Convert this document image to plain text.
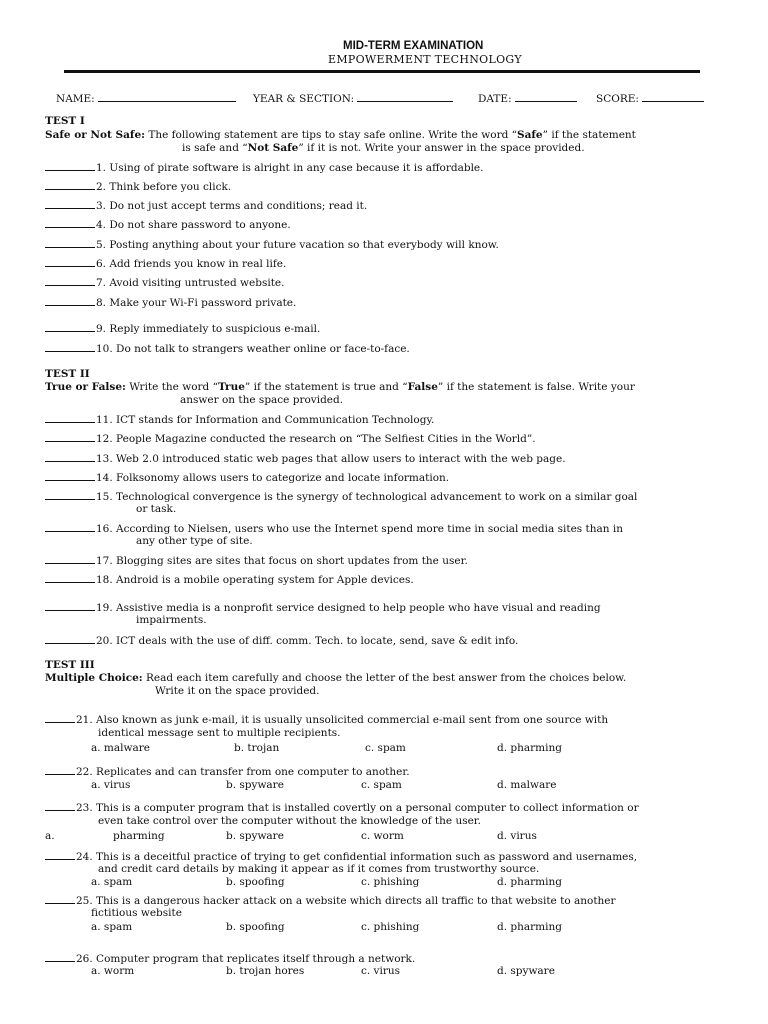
MID-TERM EXAMINATION
EMPOWERMENT TECHNOLOGY
NAME:	YEAR & SECTION:	DATE:	SCORE:
TEST I
Safe or Not Safe: The following statement are tips to stay safe online. Write the word “Safe” if the statement
is safe and “Not Safe” if it is not. Write your answer in the space provided.
1. Using of pirate software is alright in any case because it is affordable.
2. Think before you click.
3. Do not just accept terms and conditions; read it.
4. Do not share password to anyone.
5. Posting anything about your future vacation so that everybody will know.
6. Add friends you know in real life.
7. Avoid visiting untrusted website.
8. Make your Wi-Fi password private.
9. Reply immediately to suspicious e-mail.
10. Do not talk to strangers weather online or face-to-face.
TEST II
True or False: Write the word “True” if the statement is true and “False” if the statement is false. Write your
answer on the space provided.
11. ICT stands for Information and Communication Technology.
12. People Magazine conducted the research on “The Selfiest Cities in the World”.
13. Web 2.0 introduced static web pages that allow users to interact with the web page.
14. Folksonomy allows users to categorize and locate information.
15. Technological convergence is the synergy of technological advancement to work on a similar goal
or task.
16. According to Nielsen, users who use the Internet spend more time in social media sites than in
any other type of site.
17. Blogging sites are sites that focus on short updates from the user.
18. Android is a mobile operating system for Apple devices.
19. Assistive media is a nonprofit service designed to help people who have visual and reading
impairments.
20. ICT deals with the use of diff. comm. Tech. to locate, send, save & edit info.
TEST III
Multiple Choice: Read each item carefully and choose the letter of the best answer from the choices below.
Write it on the space provided.
21. Also known as junk e-mail, it is usually unsolicited commercial e-mail sent from one source with
identical message sent to multiple recipients.
a. malware	b. trojan	c. spam	d. pharming
22. Replicates and can transfer from one computer to another.
a. virus	b. spyware	c. spam	d. malware
23. This is a computer program that is installed covertly on a personal computer to collect information or
even take control over the computer without the knowledge of the user.
a.	pharming	b. spyware	c. worm	d. virus
24. This is a deceitful practice of trying to get confidential information such as password and usernames,
and credit card details by making it appear as if it comes from trustworthy source.
a. spam	b. spoofing	c. phishing	d. pharming
25. This is a dangerous hacker attack on a website which directs all traffic to that website to another
fictitious website
a. spam	b. spoofing	c. phishing	d. pharming
26. Computer program that replicates itself through a network.
a. worm	b. trojan hores	c. virus	d. spyware
